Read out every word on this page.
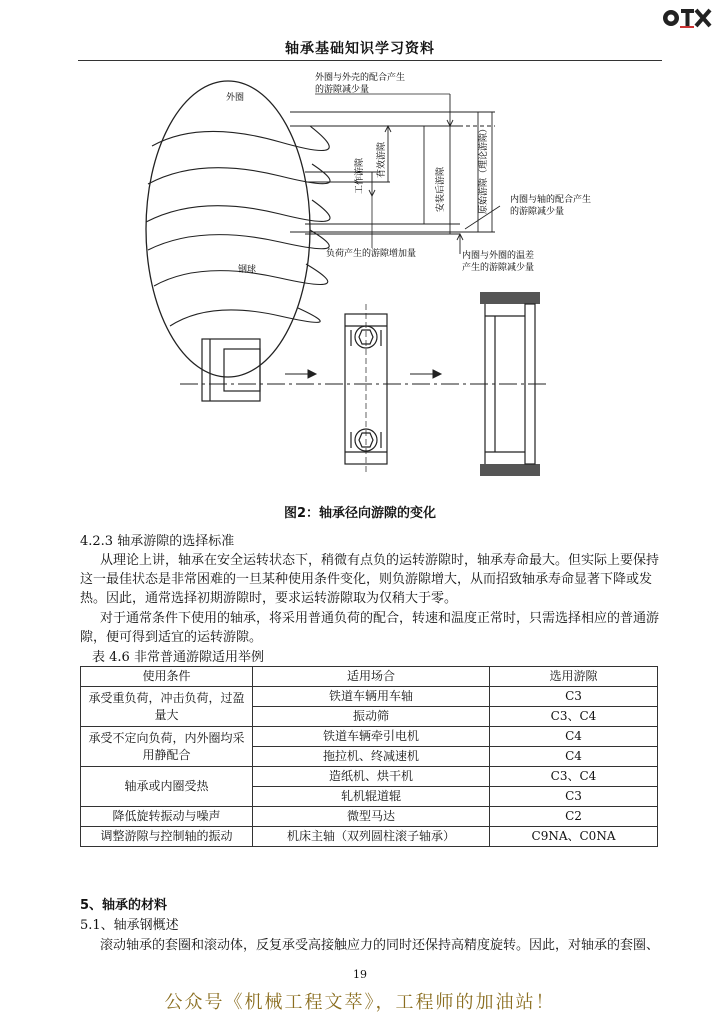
轴承基础知识学习资料
外圈
钢球
工作游隙 有效游隙
安装后游隙	原始游隙（理论游隙）
外圈与外壳的配合产生
的游隙减少量
内圈与轴的配合产生
的游隙减少量
负荷产生的游隙增加量	内圈与外圈的温差
产生的游隙减少量
图2：轴承径向游隙的变化
4.2.3 轴承游隙的选择标准
从理论上讲，轴承在安全运转状态下，稍微有点负的运转游隙时，轴承寿命最大。但实际上要保持
这一最佳状态是非常困难的一旦某种使用条件变化，则负游隙增大，从而招致轴承寿命显著下降或发
热。因此，通常选择初期游隙时，要求运转游隙取为仅稍大于零。
对于通常条件下使用的轴承，将采用普通负荷的配合，转速和温度正常时，只需选择相应的普通游
隙，便可得到适宜的运转游隙。
表 4.6 非常普通游隙适用举例
使用条件	适用场合	选用游隙
承受重负荷，冲击负荷，过盈量大	铁道车辆用车轴	C3
	振动筛	C3、C4
承受不定向负荷，内外圈均采用静配合	铁道车辆牵引电机	C4
	拖拉机、终减速机	C4
轴承或内圈受热	造纸机、烘干机	C3、C4
	轧机辊道辊	C3
降低旋转振动与噪声	微型马达	C2
调整游隙与控制轴的振动	机床主轴（双列圆柱滚子轴承）	C9NA、C0NA
5、轴承的材料
5.1、轴承钢概述
滚动轴承的套圈和滚动体，反复承受高接触应力的同时还保持高精度旋转。因此，对轴承的套圈、
19
公众号《机械工程文萃》，工程师的加油站！
